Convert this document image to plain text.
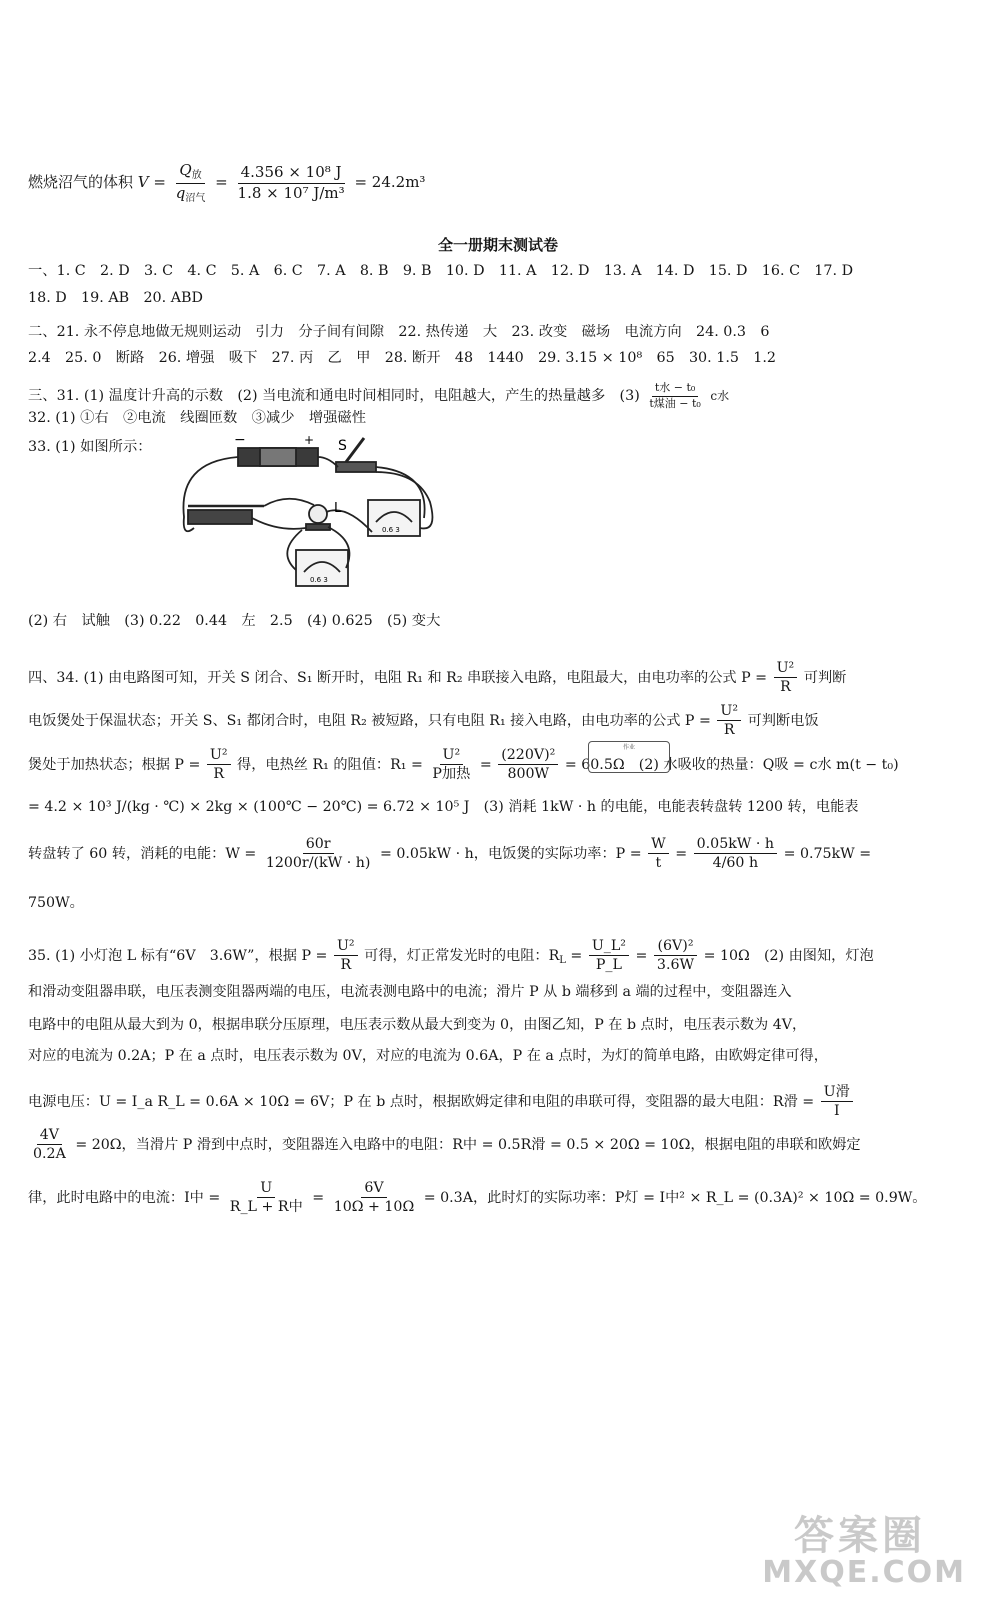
燃烧沼气的体积 $V = \frac{Q_放}{q_{沼气}} = \frac{\text{4.356 × 10⁸ J}}{\text{1.8 × 10⁷ J/m³}} = 24.2m^3$
全一册期末测试卷
一、1. C　2. D　3. C　4. C　5. A　6. C　7. A　8. B　9. B　10. D　11. A　12. D　13. A　14. D　15. D　16. C　17. D
18. D　19. AB　20. ABD
二、21. 永不停息地做无规则运动　引力　分子间有间隙　22. 热传递　大　23. 改变　磁场　电流方向　24. 0.3　6
2.4　25. 0　断路　26. 增强　吸下　27. 丙　乙　甲　28. 断开　48　1440　29. 3.15 × 10⁸　65　30. 1.5　1.2
三、31. (1) 温度计升高的示数　(2) 当电流和通电时间相同时，电阻越大，产生的热量越多　$(3) \frac{\text{t水 − t₀}}{\text{t煤油 − t₀}}$ c水
32. (1) ①右　②电流　线圈匝数　③减少　增强磁性
33. (1) 如图所示：	−	+ S
L
0.6 3
0.6 3
(2) 右　试触　(3) 0.22　0.44　左　2.5　(4) 0.625　(5) 变大
四、34. (1) 由电路图可知，开关 S 闭合、S₁ 断开时，电阻 R₁ 和 R₂ 串联接入电路，电阻最大，由电功率的公式 $P = \frac{\text{U²}}{R}$ 可判断
电饭煲处于保温状态；开关 S、S₁ 都闭合时，电阻 R₂ 被短路，只有电阻 R₁ 接入电路，由电功率的公式 $P = \frac{\text{U²}}{R}$ 可判断电饭
煲处于加热状态；根据 $P = \frac{\text{U²}}{R}$ 得，电热丝 R₁ 的阻值：$R_1 = \frac{\text{U²}}{\text{P加热}} = \frac{\text{(220V)²}}{800W} = 60.5\Omega$　(2) 水吸收的热量：Q吸 = c水 m(t − t₀)
= 4.2 × 10³ J/(kg · ℃) × 2kg × (100℃ − 20℃) = 6.72 × 10⁵ J　(3) 消耗 1kW · h 的电能，电能表转盘转 1200 转，电能表
转盘转了 60 转，消耗的电能：$W = \frac{60r}{1200r/(kW \cdot h)} = 0.05kW \cdot h$，电饭煲的实际功率：$P = \frac{W}{t} = \frac{0.05kW \cdot h}{4/60 h} = 0.75kW$ =
750W。
35. (1) 小灯泡 L 标有“6V　3.6W”，根据 $P = \frac{\text{U²}}{R}$ 可得，灯正常发光时的电阻：$R_L = \frac{\text{U\_L²}}{P\_L} = \frac{\text{(6V)²}}{3.6W} = 10\Omega$　(2) 由图知，灯泡
和滑动变阻器串联，电压表测变阻器两端的电压，电流表测电路中的电流；滑片 P 从 b 端移到 a 端的过程中，变阻器连入
电路中的电阻从最大到为 0，根据串联分压原理，电压表示数从最大到变为 0，由图乙知，P 在 b 点时，电压表示数为 4V，
对应的电流为 0.2A；P 在 a 点时，电压表示数为 0V，对应的电流为 0.6A，P 在 a 点时，为灯的简单电路，由欧姆定律可得，
电源电压：U = I_a R_L = 0.6A × 10Ω = 6V；P 在 b 点时，根据欧姆定律和电阻的串联可得，变阻器的最大电阻：R滑 = $\frac{\text{U滑}}{I}$
$\frac{4V}{0.2A} = 20\Omega$，当滑片 P 滑到中点时，变阻器连入电路中的电阻：R中 = 0.5R滑 = 0.5 × 20Ω = 10Ω，根据电阻的串联和欧姆定
律，此时电路中的电流：I中 = $\frac{U}{\text{R\_L + R中}} = \frac{6V}{10\Omega + 10\Omega} = 0.3A$，此时灯的实际功率：P灯 = I中² × R_L = (0.3A)² × 10Ω = 0.9W。
作业
答案圈
MXQE.COM
